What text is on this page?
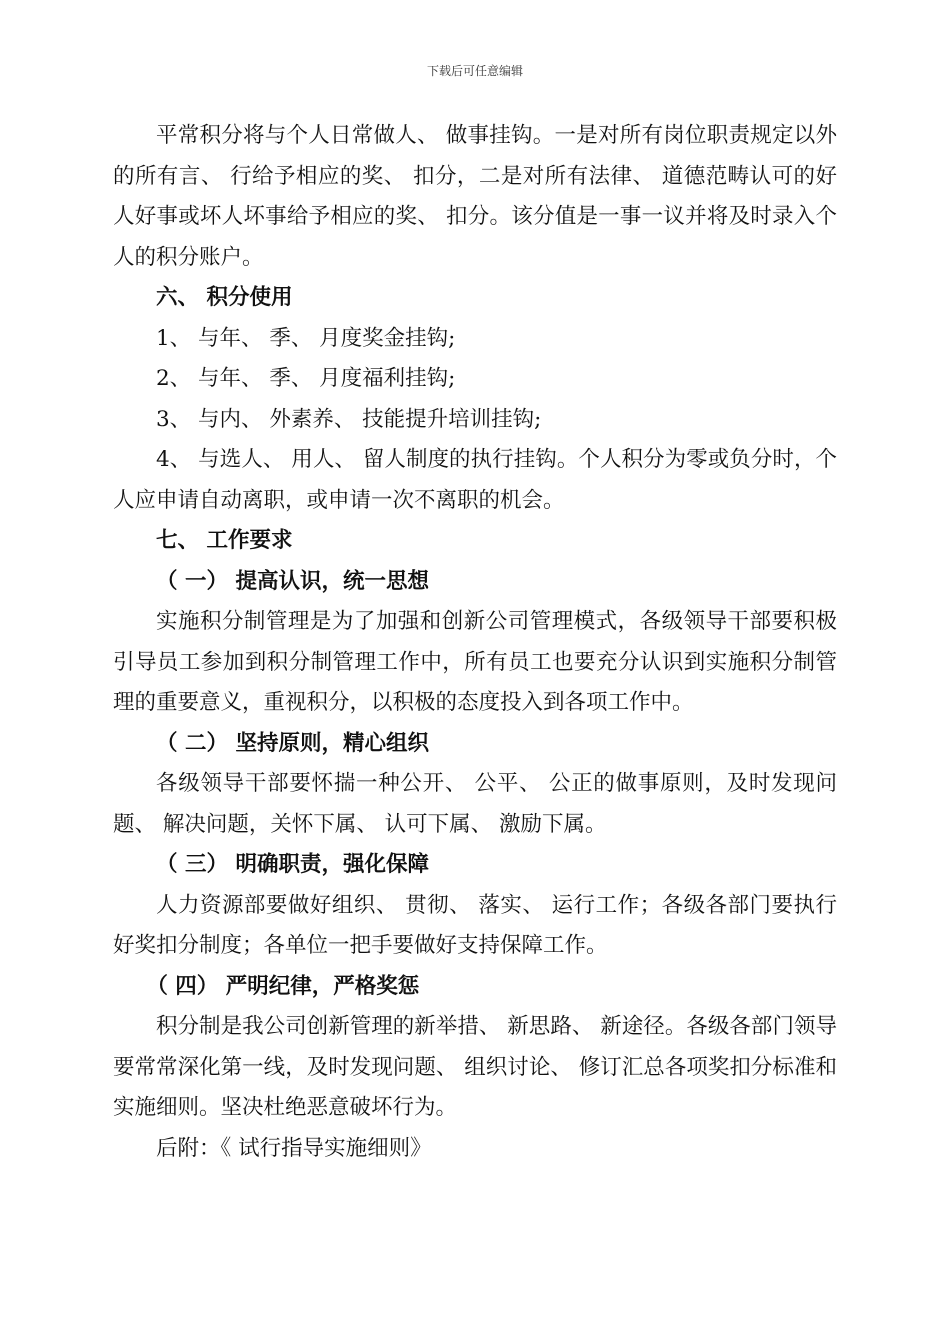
下载后可任意编辑

平常积分将与个人日常做人、 做事挂钩。一是对所有岗位职责规定以外的所有言、 行给予相应的奖、 扣分，二是对所有法律、 道德范畴认可的好人好事或坏人坏事给予相应的奖、 扣分。该分值是一事一议并将及时录入个人的积分账户。

六、 积分使用

1、 与年、 季、 月度奖金挂钩;

2、 与年、 季、 月度福利挂钩;

3、 与内、 外素养、 技能提升培训挂钩;

4、 与选人、 用人、 留人制度的执行挂钩。个人积分为零或负分时，个人应申请自动离职，或申请一次不离职的机会。

七、 工作要求

（ 一） 提高认识，统一思想

实施积分制管理是为了加强和创新公司管理模式，各级领导干部要积极引导员工参加到积分制管理工作中，所有员工也要充分认识到实施积分制管理的重要意义，重视积分，以积极的态度投入到各项工作中。

（ 二） 坚持原则，精心组织

各级领导干部要怀揣一种公开、 公平、 公正的做事原则，及时发现问题、 解决问题，关怀下属、 认可下属、 激励下属。

（ 三） 明确职责，强化保障

人力资源部要做好组织、 贯彻、 落实、 运行工作；各级各部门要执行好奖扣分制度；各单位一把手要做好支持保障工作。

（ 四） 严明纪律，严格奖惩

积分制是我公司创新管理的新举措、 新思路、 新途径。各级各部门领导要常常深化第一线，及时发现问题、 组织讨论、 修订汇总各项奖扣分标准和实施细则。坚决杜绝恶意破坏行为。

后附：《 试行指导实施细则》
